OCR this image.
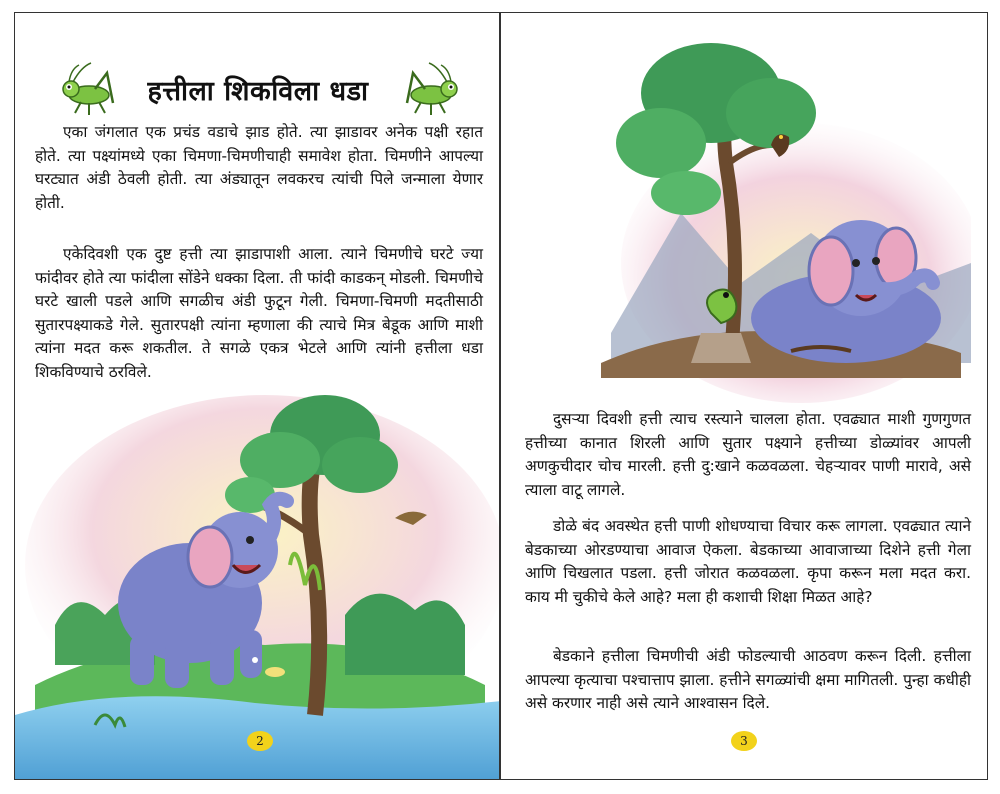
हत्तीला शिकविला धडा

एका जंगलात एक प्रचंड वडाचे झाड होते. त्या झाडावर अनेक पक्षी रहात होते. त्या पक्ष्यांमध्ये एका चिमणा-चिमणीचाही समावेश होता. चिमणीने आपल्या घरट्यात अंडी ठेवली होती. त्या अंड्यातून लवकरच त्यांची पिले जन्माला येणार होती.

एकेदिवशी एक दुष्ट हत्ती त्या झाडापाशी आला. त्याने चिमणीचे घरटे ज्या फांदीवर होते त्या फांदीला सोंडेने धक्का दिला. ती फांदी काडकन् मोडली. चिमणीचे घरटे खाली पडले आणि सगळीच अंडी फुटून गेली. चिमणा-चिमणी मदतीसाठी सुतारपक्ष्याकडे गेले. सुतारपक्षी त्यांना म्हणाला की त्याचे मित्र बेडूक आणि माशी त्यांना मदत करू शकतील. ते सगळे एकत्र भेटले आणि त्यांनी हत्तीला धडा शिकविण्याचे ठरविले.

2

दुसऱ्या दिवशी हत्ती त्याच रस्त्याने चालला होता. एवढ्यात माशी गुणगुणत हत्तीच्या कानात शिरली आणि सुतार पक्ष्याने हत्तीच्या डोळ्यांवर आपली अणकुचीदार चोच मारली. हत्ती दु:खाने कळवळला. चेहऱ्यावर पाणी मारावे, असे त्याला वाटू लागले.

डोळे बंद अवस्थेत हत्ती पाणी शोधण्याचा विचार करू लागला. एवढ्यात त्याने बेडकाच्या ओरडण्याचा आवाज ऐकला. बेडकाच्या आवाजाच्या दिशेने हत्ती गेला आणि चिखलात पडला. हत्ती जोरात कळवळला. कृपा करून मला मदत करा. काय मी चुकीचे केले आहे? मला ही कशाची शिक्षा मिळत आहे?

बेडकाने हत्तीला चिमणीची अंडी फोडल्याची आठवण करून दिली. हत्तीला आपल्या कृत्याचा पश्चात्ताप झाला. हत्तीने सगळ्यांची क्षमा मागितली. पुन्हा कधीही असे करणार नाही असे त्याने आश्वासन दिले.

3
